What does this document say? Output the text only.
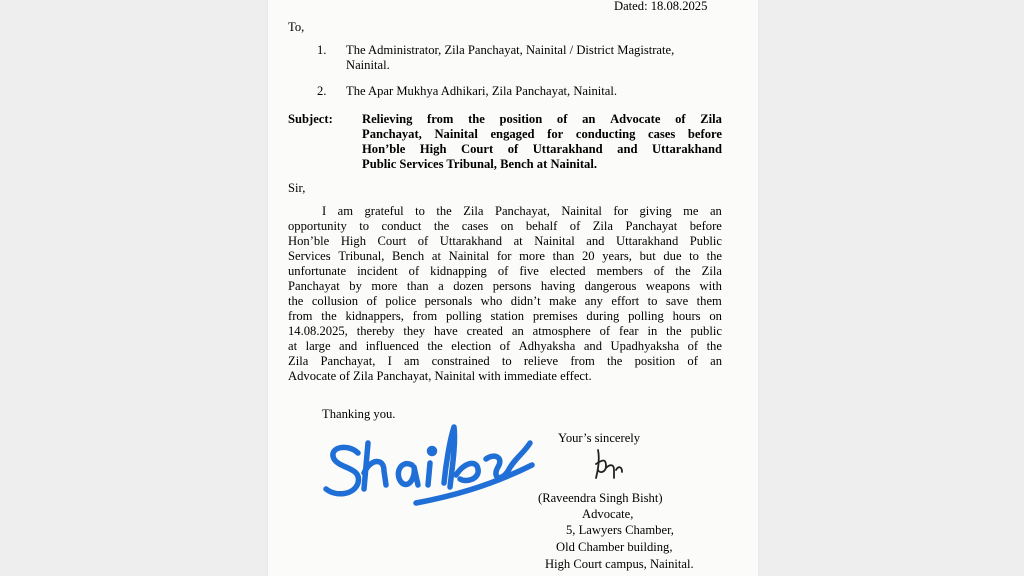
Dated: 18.08.2025
To,
1. The Administrator, Zila Panchayat, Nainital / District Magistrate,
Nainital.
2. The Apar Mukhya Adhikari, Zila Panchayat, Nainital.
Subject: Relieving from the position of an Advocate of Zila
Panchayat, Nainital engaged for conducting cases before
Hon’ble High Court of Uttarakhand and Uttarakhand
Public Services Tribunal, Bench at Nainital.
Sir,
I am grateful to the Zila Panchayat, Nainital for giving me an
opportunity to conduct the cases on behalf of Zila Panchayat before
Hon’ble High Court of Uttarakhand at Nainital and Uttarakhand Public
Services Tribunal, Bench at Nainital for more than 20 years, but due to the
unfortunate incident of kidnapping of five elected members of the Zila
Panchayat by more than a dozen persons having dangerous weapons with
the collusion of police personals who didn’t make any effort to save them
from the kidnappers, from polling station premises during polling hours on
14.08.2025, thereby they have created an atmosphere of fear in the public
at large and influenced the election of Adhyaksha and Upadhyaksha of the
Zila Panchayat, I am constrained to relieve from the position of an
Advocate of Zila Panchayat, Nainital with immediate effect.
Thanking you.
Your’s sincerely
(Raveendra Singh Bisht)
Advocate,
5, Lawyers Chamber,
Old Chamber building,
High Court campus, Nainital.
